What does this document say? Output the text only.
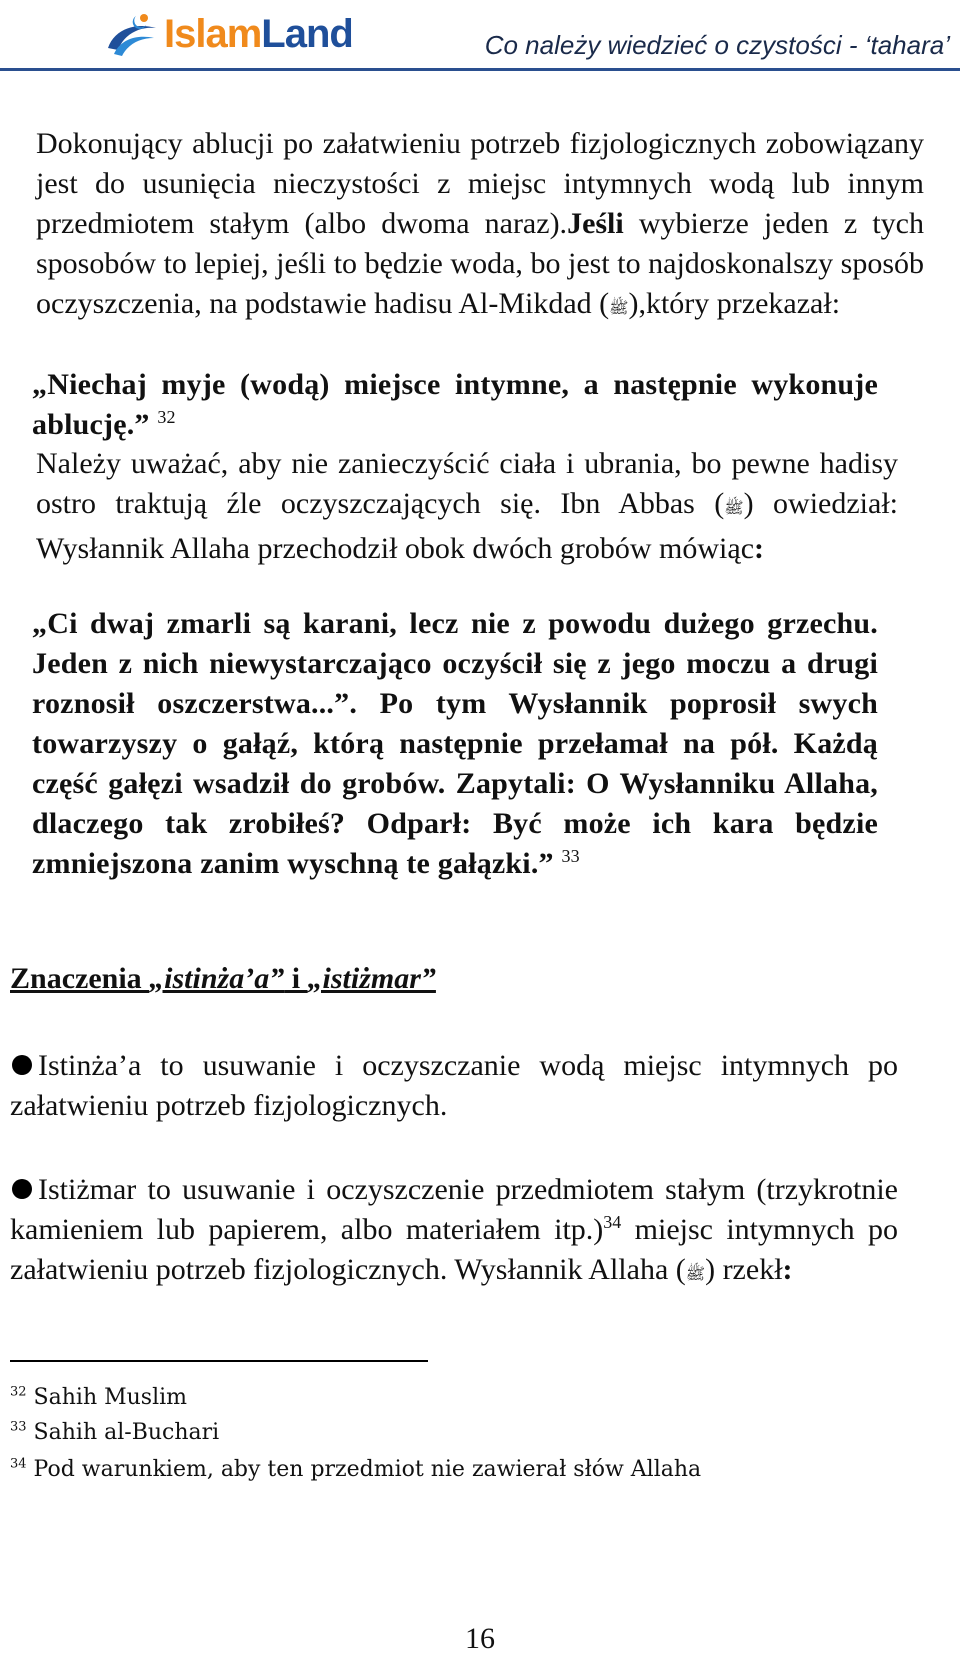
IslamLand	Co należy wiedzieć o czystości - ‘tahara’

Dokonujący ablucji po załatwieniu potrzeb fizjologicznych zobowiązany jest do usunięcia nieczystości z miejsc intymnych wodą lub innym przedmiotem stałym (albo dwoma naraz).Jeśli wybierze jeden z tych sposobów to lepiej, jeśli to będzie woda, bo jest to najdoskonalszy sposób oczyszczenia, na podstawie hadisu Al-Mikdad (ﷺ),który przekazał:

„Niechaj myje (wodą) miejsce intymne, a następnie wykonuje ablucję.” $^{32}$

Należy uważać, aby nie zanieczyścić ciała i ubrania, bo pewne hadisy ostro traktują źle oczyszczających się. Ibn Abbas (ﷺ) owiedział: Wysłannik Allaha przechodził obok dwóch grobów mówiąc:

„Ci dwaj zmarli są karani, lecz nie z powodu dużego grzechu. Jeden z nich niewystarczająco oczyścił się z jego moczu a drugi roznosił oszczerstwa...”. Po tym Wysłannik poprosił swych towarzyszy o gałąź, którą następnie przełamał na pół. Każdą część gałęzi wsadził do grobów. Zapytali: O Wysłanniku Allaha, dlaczego tak zrobiłeś? Odparł: Być może ich kara będzie zmniejszona zanim wyschną te gałązki.” $^{33}$

Znaczenia „istinża’a” i „istiżmar”

Istinża’a to usuwanie i oczyszczanie wodą miejsc intymnych po załatwieniu potrzeb fizjologicznych.

Istiżmar to usuwanie i oczyszczenie przedmiotem stałym (trzykrotnie kamieniem lub papierem, albo materiałem itp.)$^{34}$ miejsc intymnych po załatwieniu potrzeb fizjologicznych. Wysłannik Allaha (ﷺ) rzekł:

$^{32}$ Sahih Muslim
$^{33}$ Sahih al-Buchari
$^{34}$ Pod warunkiem, aby ten przedmiot nie zawierał słów Allaha
16
